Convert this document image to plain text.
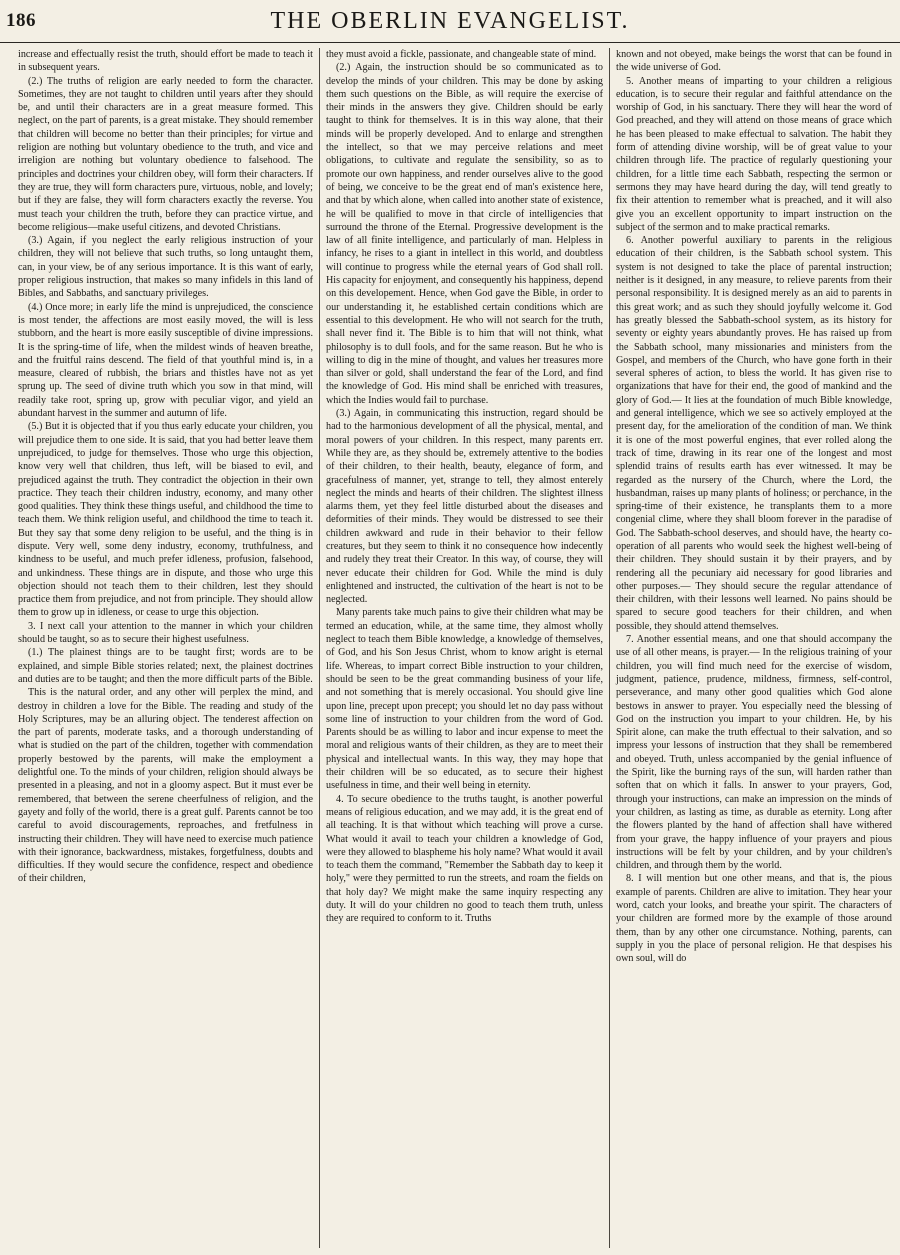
186	THE OBERLIN EVANGELIST.

increase and effectually resist the truth, should effort be made to teach it in subsequent years.

(2.) The truths of religion are early needed to form the character. Sometimes, they are not taught to children until years after they should be, and until their characters are in a great measure formed. This neglect, on the part of parents, is a great mistake. They should remember that children will become no better than their principles; for virtue and religion are nothing but voluntary obedience to the truth, and vice and irreligion are nothing but voluntary obedience to falsehood. The principles and doctrines your children obey, will form their characters. If they are true, they will form characters pure, virtuous, noble, and lovely; but if they are false, they will form characters exactly the reverse. You must teach your children the truth, before they can practice virtue, and become religious—make useful citizens, and devoted Christians.

(3.) Again, if you neglect the early religious instruction of your children, they will not believe that such truths, so long untaught them, can, in your view, be of any serious importance. It is this want of early, proper religious instruction, that makes so many infidels in this land of Bibles, and Sabbaths, and sanctuary privileges.

(4.) Once more; in early life the mind is unprejudiced, the conscience is most tender, the affections are most easily moved, the will is less stubborn, and the heart is more easily susceptible of divine impressions. It is the spring-time of life, when the mildest winds of heaven breathe, and the fruitful rains descend. The field of that youthful mind is, in a measure, cleared of rubbish, the briars and thistles have not as yet sprung up. The seed of divine truth which you sow in that mind, will readily take root, spring up, grow with peculiar vigor, and yield an abundant harvest in the summer and autumn of life.

(5.) But it is objected that if you thus early educate your children, you will prejudice them to one side. It is said, that you had better leave them unprejudiced, to judge for themselves. Those who urge this objection, know very well that children, thus left, will be biased to evil, and prejudiced against the truth. They contradict the objection in their own practice. They teach their children industry, economy, and many other good qualities. They think these things useful, and childhood the time to teach them. We think religion useful, and childhood the time to teach it. But they say that some deny religion to be useful, and the thing is in dispute. Very well, some deny industry, economy, truthfulness, and kindness to be useful, and much prefer idleness, profusion, falsehood, and unkindness. These things are in dispute, and those who urge this objection should not teach them to their children, lest they should practice them from prejudice, and not from principle. They should allow them to grow up in idleness, or cease to urge this objection.

3. I next call your attention to the manner in which your children should be taught, so as to secure their highest usefulness.

(1.) The plainest things are to be taught first; words are to be explained, and simple Bible stories related; next, the plainest doctrines and duties are to be taught; and then the more difficult parts of the Bible.

This is the natural order, and any other will perplex the mind, and destroy in children a love for the Bible. The reading and study of the Holy Scriptures, may be an alluring object. The tenderest affection on the part of parents, moderate tasks, and a thorough understanding of what is studied on the part of the children, together with commendation properly bestowed by the parents, will make the employment a delightful one. To the minds of your children, religion should always be presented in a pleasing, and not in a gloomy aspect. But it must ever be remembered, that between the serene cheerfulness of religion, and the gayety and folly of the world, there is a great gulf. Parents cannot be too careful to avoid discouragements, reproaches, and fretfulness in instructing their children. They will have need to exercise much patience with their ignorance, backwardness, mistakes, forgetfulness, doubts and difficulties. If they would secure the confidence, respect and obedience of their children,

they must avoid a fickle, passionate, and changeable state of mind.

(2.) Again, the instruction should be so communicated as to develop the minds of your children. This may be done by asking them such questions on the Bible, as will require the exercise of their minds in the answers they give. Children should be early taught to think for themselves. It is in this way alone, that their minds will be properly developed. And to enlarge and strengthen the intellect, so that we may perceive relations and meet obligations, to cultivate and regulate the sensibility, so as to promote our own happiness, and render ourselves alive to the good of being, we conceive to be the great end of man's existence here, and that by which alone, when called into another state of existence, he will be qualified to move in that circle of intelligencies that surround the throne of the Eternal. Progressive development is the law of all finite intelligence, and particularly of man. Helpless in infancy, he rises to a giant in intellect in this world, and doubtless will continue to progress while the eternal years of God shall roll. His capacity for enjoyment, and consequently his happiness, depend on this developement. Hence, when God gave the Bible, in order to our understanding it, he established certain conditions which are essential to this development. He who will not search for the truth, shall never find it. The Bible is to him that will not think, what philosophy is to dull fools, and for the same reason. But he who is willing to dig in the mine of thought, and values her treasures more than silver or gold, shall understand the fear of the Lord, and find the knowledge of God. His mind shall be enriched with treasures, which the Indies would fail to purchase.

(3.) Again, in communicating this instruction, regard should be had to the harmonious development of all the physical, mental, and moral powers of your children. In this respect, many parents err. While they are, as they should be, extremely attentive to the bodies of their children, to their health, beauty, elegance of form, and gracefulness of manner, yet, strange to tell, they almost enterely neglect the minds and hearts of their children. The slightest illness alarms them, yet they feel little disturbed about the diseases and deformities of their minds. They would be distressed to see their children awkward and rude in their behavior to their fellow creatures, but they seem to think it no consequence how indecently and rudely they treat their Creator. In this way, of course, they will never educate their children for God. While the mind is duly enlightened and instructed, the cultivation of the heart is not to be neglected.

Many parents take much pains to give their children what may be termed an education, while, at the same time, they almost wholly neglect to teach them Bible knowledge, a knowledge of themselves, of God, and his Son Jesus Christ, whom to know aright is eternal life. Whereas, to impart correct Bible instruction to your children, should be seen to be the great commanding business of your life, and not something that is merely occasional. You should give line upon line, precept upon precept; you should let no day pass without some line of instruction to your children from the word of God. Parents should be as willing to labor and incur expense to meet the moral and religious wants of their children, as they are to meet their physical and intellectual wants. In this way, they may hope that their children will be so educated, as to secure their highest usefulness in time, and their well being in eternity.

4. To secure obedience to the truths taught, is another powerful means of religious education, and we may add, it is the great end of all teaching. It is that without which teaching will prove a curse. What would it avail to teach your children a knowledge of God, were they allowed to blaspheme his holy name? What would it avail to teach them the command, "Remember the Sabbath day to keep it holy," were they permitted to run the streets, and roam the fields on that holy day? We might make the same inquiry respecting any duty. It will do your children no good to teach them truth, unless they are required to conform to it. Truths

known and not obeyed, make beings the worst that can be found in the wide universe of God.

5. Another means of imparting to your children a religious education, is to secure their regular and faithful attendance on the worship of God, in his sanctuary. There they will hear the word of God preached, and they will attend on those means of grace which he has been pleased to make effectual to salvation. The habit they form of attending divine worship, will be of great value to your children through life. The practice of regularly questioning your children, for a little time each Sabbath, respecting the sermon or sermons they may have heard during the day, will tend greatly to fix their attention to remember what is preached, and it will also give you an excellent opportunity to impart instruction on the subject of the sermon and to make practical remarks.

6. Another powerful auxiliary to parents in the religious education of their children, is the Sabbath school system. This system is not designed to take the place of parental instruction; neither is it designed, in any measure, to relieve parents from their personal responsibility. It is designed merely as an aid to parents in this great work; and as such they should joyfully welcome it. God has greatly blessed the Sabbath-school system, as its history for seventy or eighty years abundantly proves. He has raised up from the Sabbath school, many missionaries and ministers from the Gospel, and members of the Church, who have gone forth in their several spheres of action, to bless the world. It has given rise to organizations that have for their end, the good of mankind and the glory of God.— It lies at the foundation of much Bible knowledge, and general intelligence, which we see so actively employed at the present day, for the amelioration of the condition of man. We think it is one of the most powerful engines, that ever rolled along the track of time, drawing in its rear one of the longest and most splendid trains of results earth has ever witnessed. It may be regarded as the nursery of the Church, where the Lord, the husbandman, raises up many plants of holiness; or perchance, in the spring-time of their existence, he transplants them to a more congenial clime, where they shall bloom forever in the paradise of God. The Sabbath-school deserves, and should have, the hearty co-operation of all parents who would seek the highest well-being of their children. They should sustain it by their prayers, and by rendering all the pecuniary aid necessary for good libraries and other purposes.— They should secure the regular attendance of their children, with their lessons well learned. No pains should be spared to secure good teachers for their children, and when possible, they should attend themselves.

7. Another essential means, and one that should accompany the use of all other means, is prayer.— In the religious training of your children, you will find much need for the exercise of wisdom, judgment, patience, prudence, mildness, firmness, self-control, perseverance, and many other good qualities which God alone bestows in answer to prayer. You especially need the blessing of God on the instruction you impart to your children. He, by his Spirit alone, can make the truth effectual to their salvation, and so impress your lessons of instruction that they shall be remembered and obeyed. Truth, unless accompanied by the genial influence of the Spirit, like the burning rays of the sun, will harden rather than soften that on which it falls. In answer to your prayers, God, through your instructions, can make an impression on the minds of your children, as lasting as time, as durable as eternity. Long after the flowers planted by the hand of affection shall have withered from your grave, the happy influence of your prayers and pious instructions will be felt by your children, and by your children's children, and through them by the world.

8. I will mention but one other means, and that is, the pious example of parents. Children are alive to imitation. They hear your word, catch your looks, and breathe your spirit. The characters of your children are formed more by the example of those around them, than by any other one circumstance. Nothing, parents, can supply in you the place of personal religion. He that despises his own soul, will do
